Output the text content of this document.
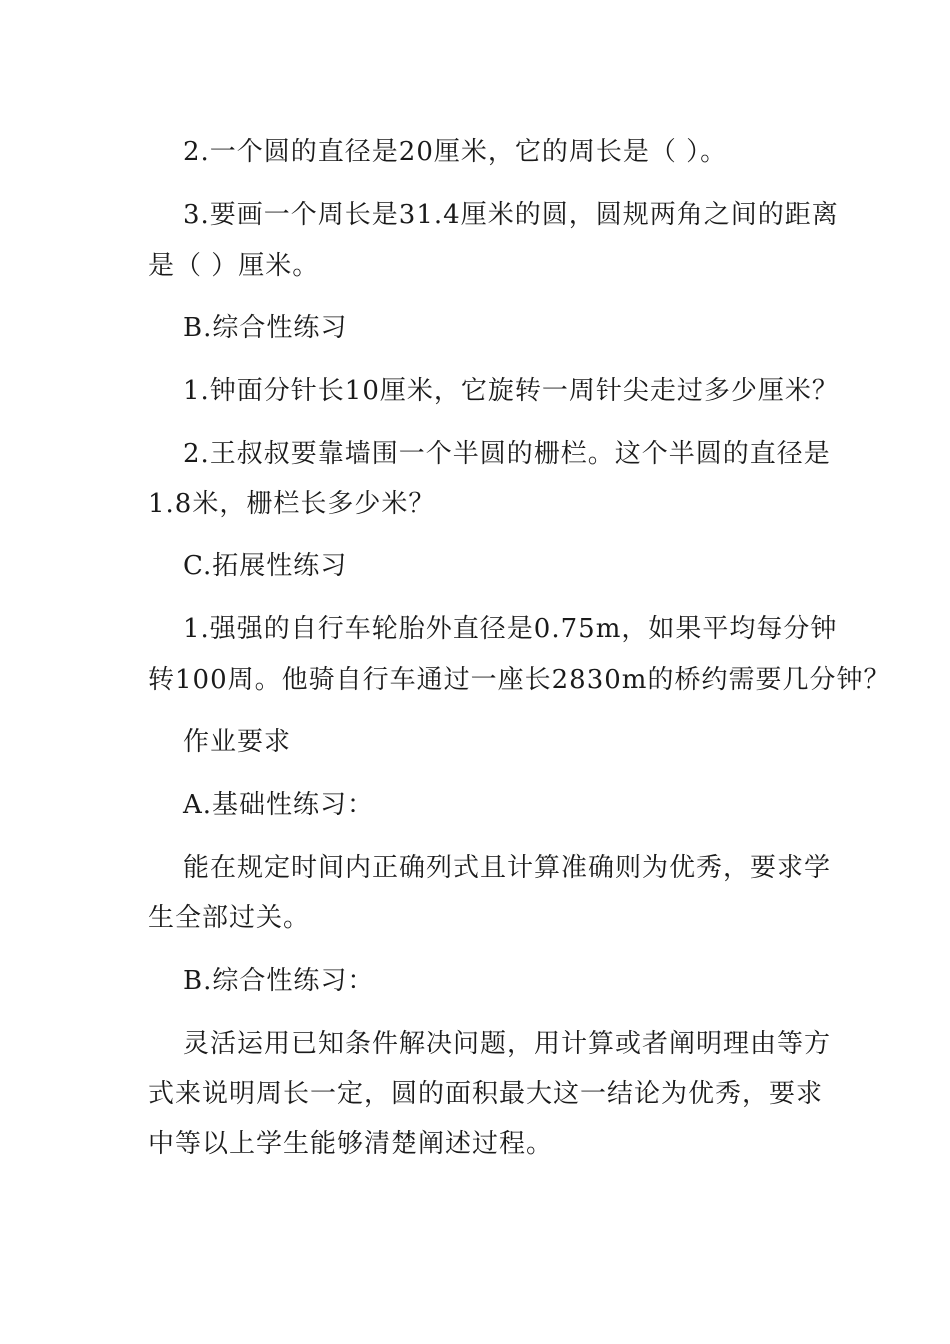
2.一个圆的直径是20厘米，它的周长是（ ）。
3.要画一个周长是31.4厘米的圆，圆规两角之间的距离
是（ ）厘米。
B.综合性练习
1.钟面分针长10厘米，它旋转一周针尖走过多少厘米？
2.王叔叔要靠墙围一个半圆的栅栏。这个半圆的直径是
1.8米，栅栏长多少米？
C.拓展性练习
1.强强的自行车轮胎外直径是0.75m，如果平均每分钟
转100周。他骑自行车通过一座长2830m的桥约需要几分钟？
作业要求
A.基础性练习：
能在规定时间内正确列式且计算准确则为优秀，要求学
生全部过关。
B.综合性练习：
灵活运用已知条件解决问题，用计算或者阐明理由等方
式来说明周长一定，圆的面积最大这一结论为优秀，要求
中等以上学生能够清楚阐述过程。
